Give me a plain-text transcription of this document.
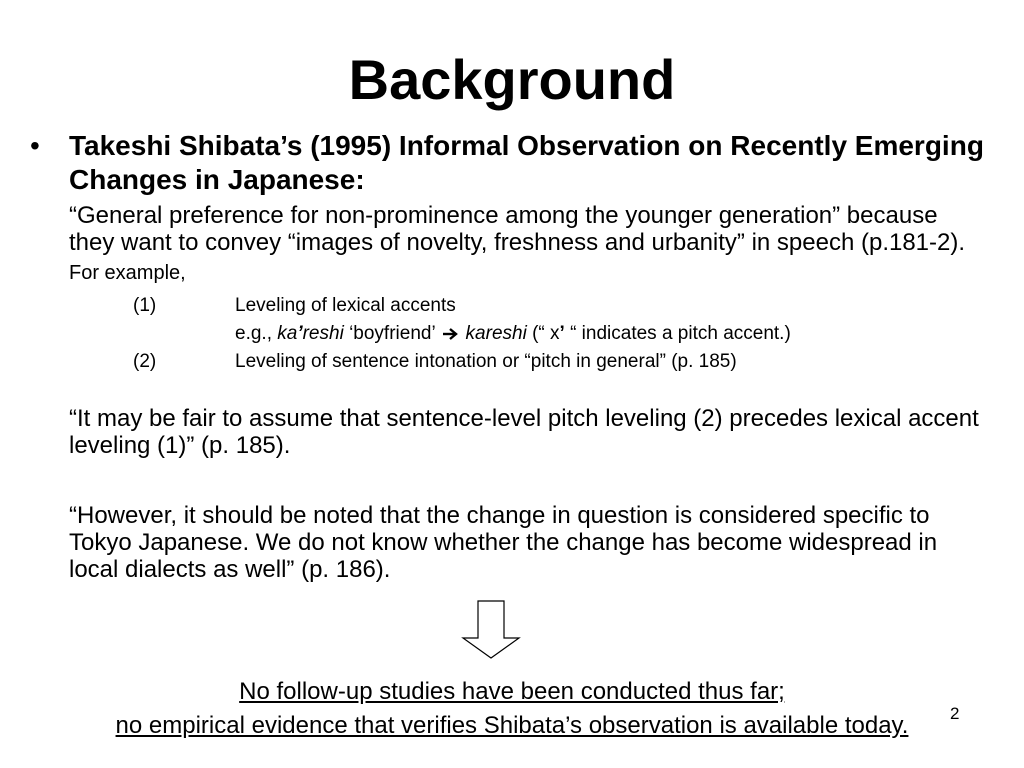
Background
• Takeshi Shibata’s (1995) Informal Observation on Recently Emerging Changes in Japanese:
“General preference for non-prominence among the younger generation” because they want to convey “images of novelty, freshness and urbanity” in speech (p.181-2). For example,
(1)	Leveling of lexical accents
e.g., ka’reshi ‘boyfriend’  kareshi (“ x’ “ indicates a pitch accent.)
(2)	Leveling of sentence intonation or “pitch in general” (p. 185)
“It may be fair to assume that sentence-level pitch leveling (2) precedes lexical accent leveling (1)” (p. 185).
“However, it should be noted that the change in question is considered specific to Tokyo Japanese. We do not know whether the change has become widespread in local dialects as well” (p. 186).
No follow-up studies have been conducted thus far;
no empirical evidence that verifies Shibata’s observation is available today.	2
